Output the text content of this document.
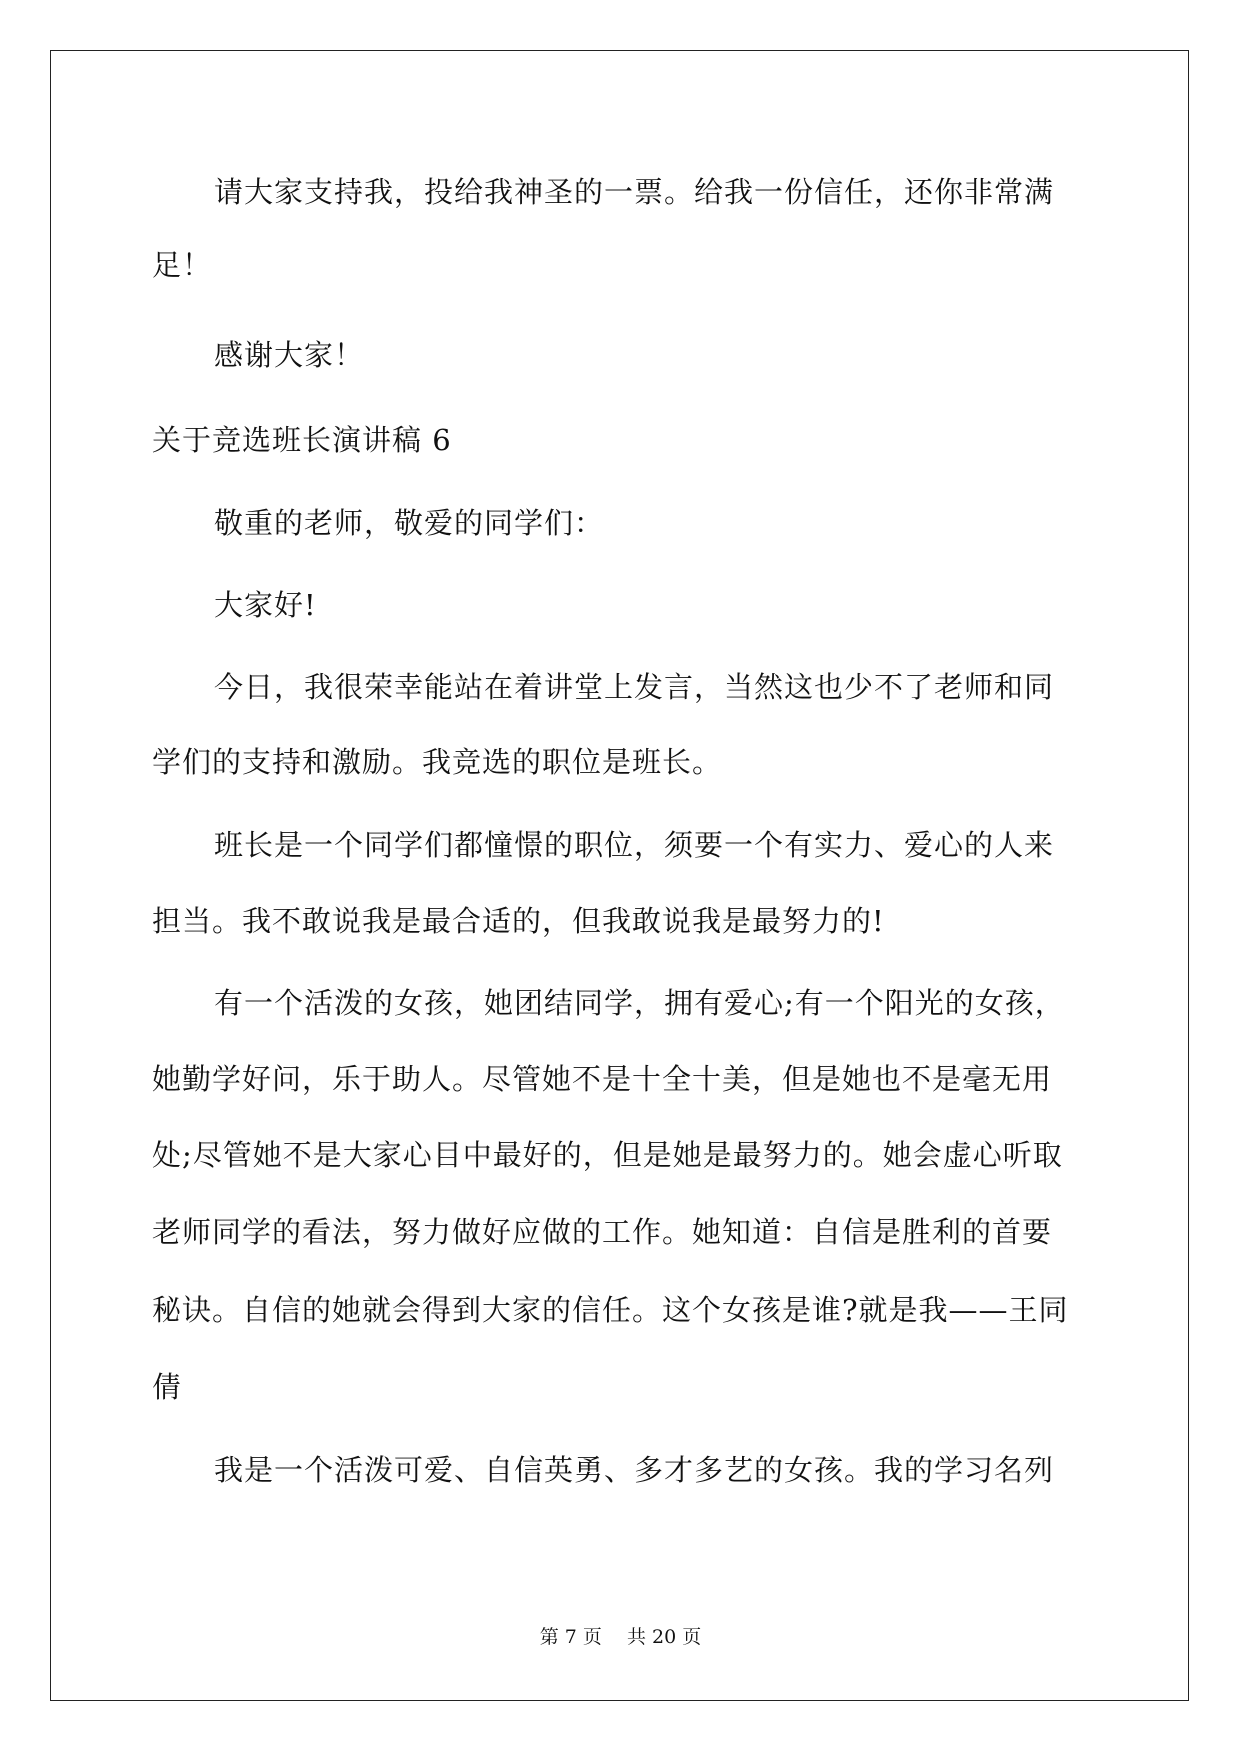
请大家支持我，投给我神圣的一票。给我一份信任，还你非常满
足！
感谢大家！
关于竞选班长演讲稿 6
敬重的老师，敬爱的同学们：
大家好!
今日，我很荣幸能站在着讲堂上发言，当然这也少不了老师和同
学们的支持和激励。我竞选的职位是班长。
班长是一个同学们都憧憬的职位，须要一个有实力、爱心的人来
担当。我不敢说我是最合适的，但我敢说我是最努力的!
有一个活泼的女孩，她团结同学，拥有爱心;有一个阳光的女孩，
她勤学好问，乐于助人。尽管她不是十全十美，但是她也不是毫无用
处;尽管她不是大家心目中最好的，但是她是最努力的。她会虚心听取
老师同学的看法，努力做好应做的工作。她知道：自信是胜利的首要
秘诀。自信的她就会得到大家的信任。这个女孩是谁?就是我——王同
倩
我是一个活泼可爱、自信英勇、多才多艺的女孩。我的学习名列
第 7 页　 共 20 页
